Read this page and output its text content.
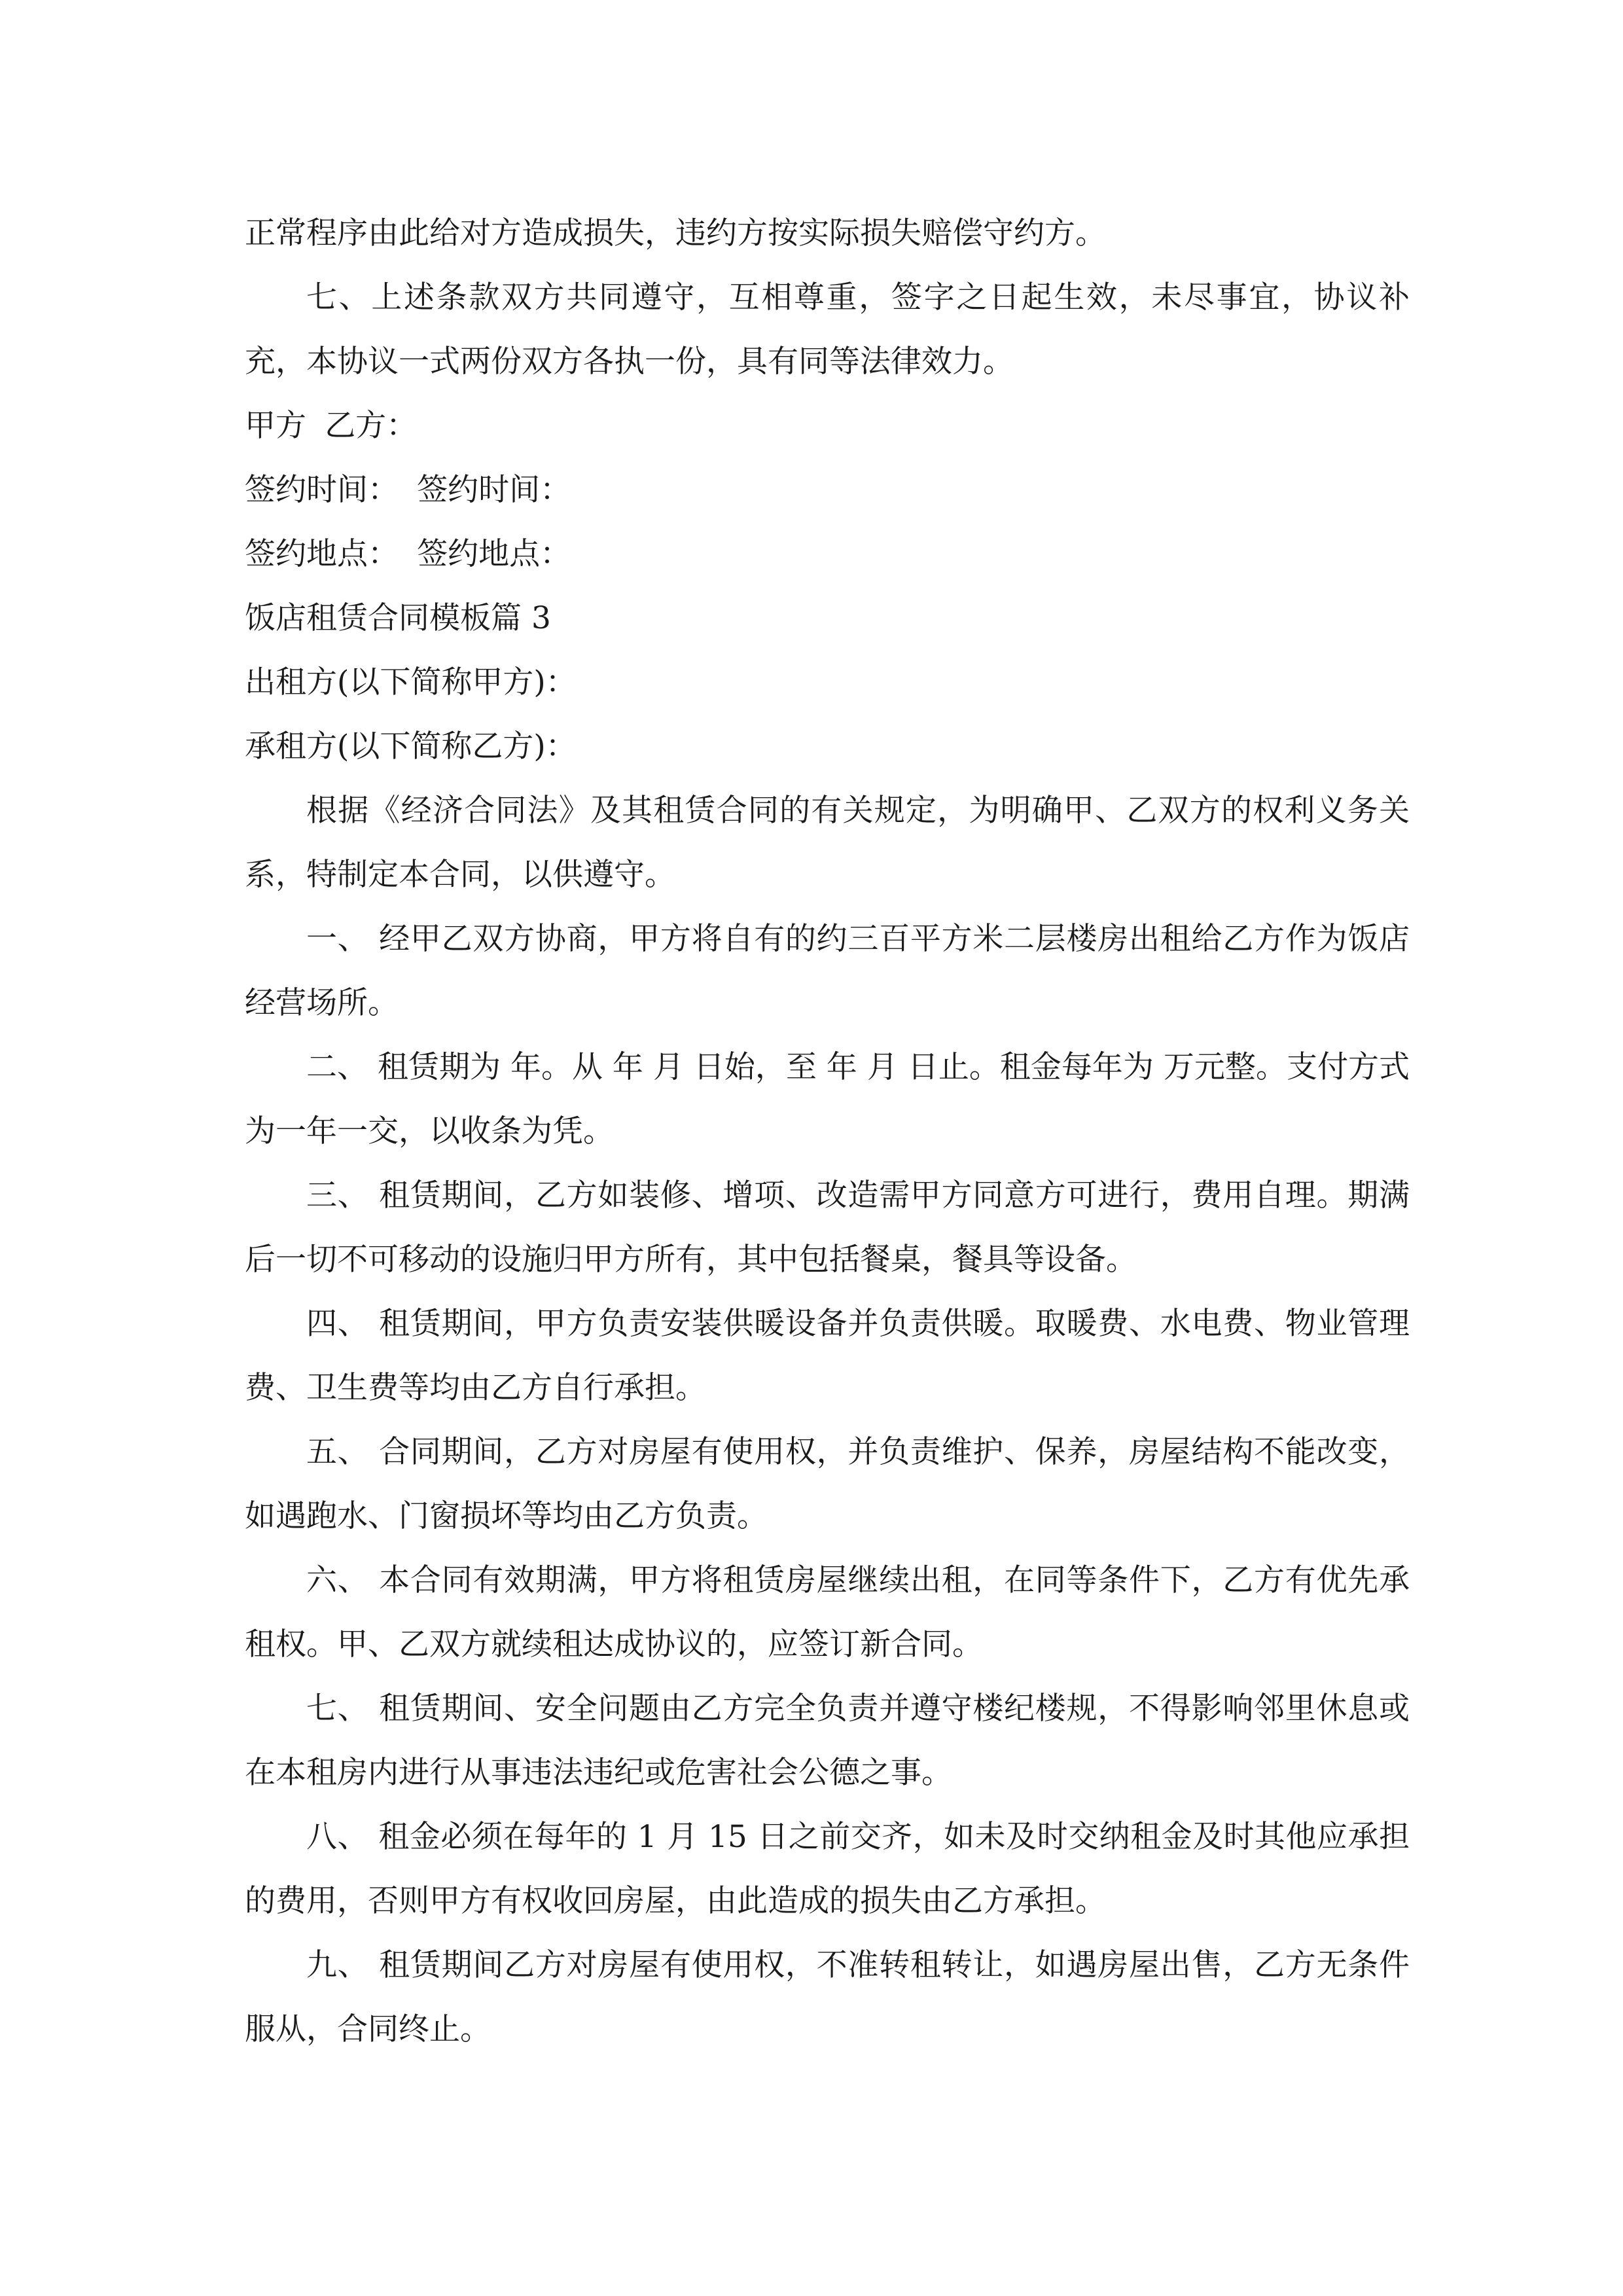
正常程序由此给对方造成损失，违约方按实际损失赔偿守约方。

七、上述条款双方共同遵守，互相尊重，签字之日起生效，未尽事宜，协议补充，本协议一式两份双方各执一份，具有同等法律效力。

甲方 乙方：

签约时间： 签约时间：

签约地点： 签约地点：

饭店租赁合同模板篇 3

出租方(以下简称甲方)：

承租方(以下简称乙方)：

根据《经济合同法》及其租赁合同的有关规定，为明确甲、乙双方的权利义务关系，特制定本合同，以供遵守。

一、 经甲乙双方协商，甲方将自有的约三百平方米二层楼房出租给乙方作为饭店经营场所。

二、 租赁期为 年。从 年 月 日始，至 年 月 日止。租金每年为 万元整。支付方式为一年一交，以收条为凭。

三、 租赁期间，乙方如装修、增项、改造需甲方同意方可进行，费用自理。期满后一切不可移动的设施归甲方所有，其中包括餐桌，餐具等设备。

四、 租赁期间，甲方负责安装供暖设备并负责供暖。取暖费、水电费、物业管理费、卫生费等均由乙方自行承担。

五、 合同期间，乙方对房屋有使用权，并负责维护、保养，房屋结构不能改变，如遇跑水、门窗损坏等均由乙方负责。

六、 本合同有效期满，甲方将租赁房屋继续出租，在同等条件下，乙方有优先承租权。甲、乙双方就续租达成协议的，应签订新合同。

七、 租赁期间、安全问题由乙方完全负责并遵守楼纪楼规，不得影响邻里休息或在本租房内进行从事违法违纪或危害社会公德之事。

八、 租金必须在每年的 1 月 15 日之前交齐，如未及时交纳租金及时其他应承担的费用，否则甲方有权收回房屋，由此造成的损失由乙方承担。

九、 租赁期间乙方对房屋有使用权，不准转租转让，如遇房屋出售，乙方无条件服从，合同终止。
